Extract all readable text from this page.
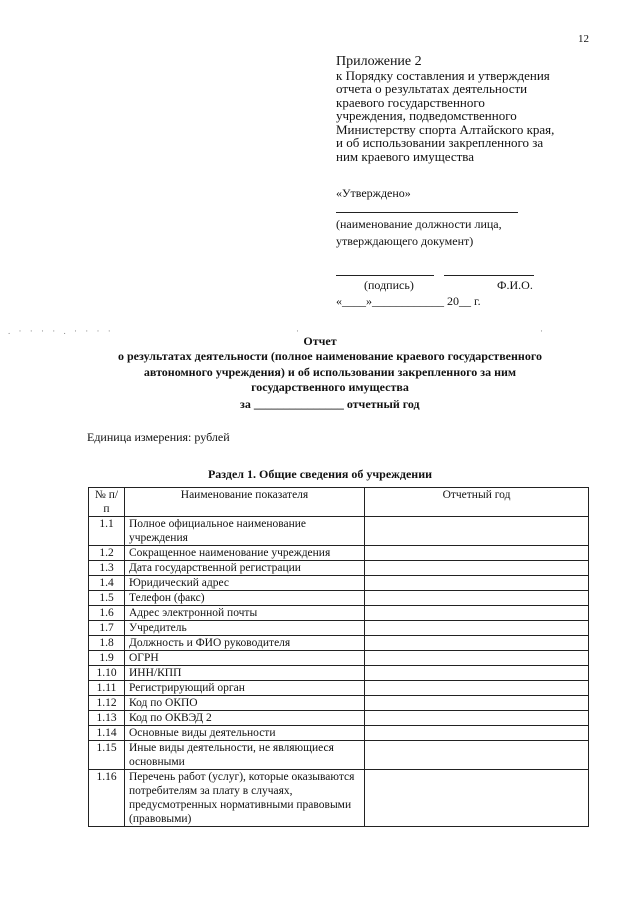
12
Приложение 2
к Порядку составления и утверждения
отчета о результатах деятельности
краевого государственного
учреждения, подведомственного
Министерству спорта Алтайского края,
и об использовании закрепленного за
ним краевого имущества
«Утверждено»
(наименование должности лица,
утверждающего документ)
(подпись)	Ф.И.О.
«____»____________ 20__ г.
. · · · · . · · · ·	·	·
Отчет
о результатах деятельности (полное наименование краевого государственного
автономного учреждения) и об использовании закрепленного за ним
государственного имущества
за _______________ отчетный год
Единица измерения: рублей
Раздел 1. Общие сведения об учреждении
№ п/п	Наименование показателя	Отчетный год
1.1	Полное официальное наименование учреждения	
1.2	Сокращенное наименование учреждения	
1.3	Дата государственной регистрации	
1.4	Юридический адрес	
1.5	Телефон (факс)	
1.6	Адрес электронной почты	
1.7	Учредитель	
1.8	Должность и ФИО руководителя	
1.9	ОГРН	
1.10	ИНН/КПП	
1.11	Регистрирующий орган	
1.12	Код по ОКПО	
1.13	Код по ОКВЭД 2	
1.14	Основные виды деятельности	
1.15	Иные виды деятельности, не являющиеся основными	
1.16	Перечень работ (услуг), которые оказываются потребителям за плату в случаях, предусмотренных нормативными правовыми (правовыми)	
